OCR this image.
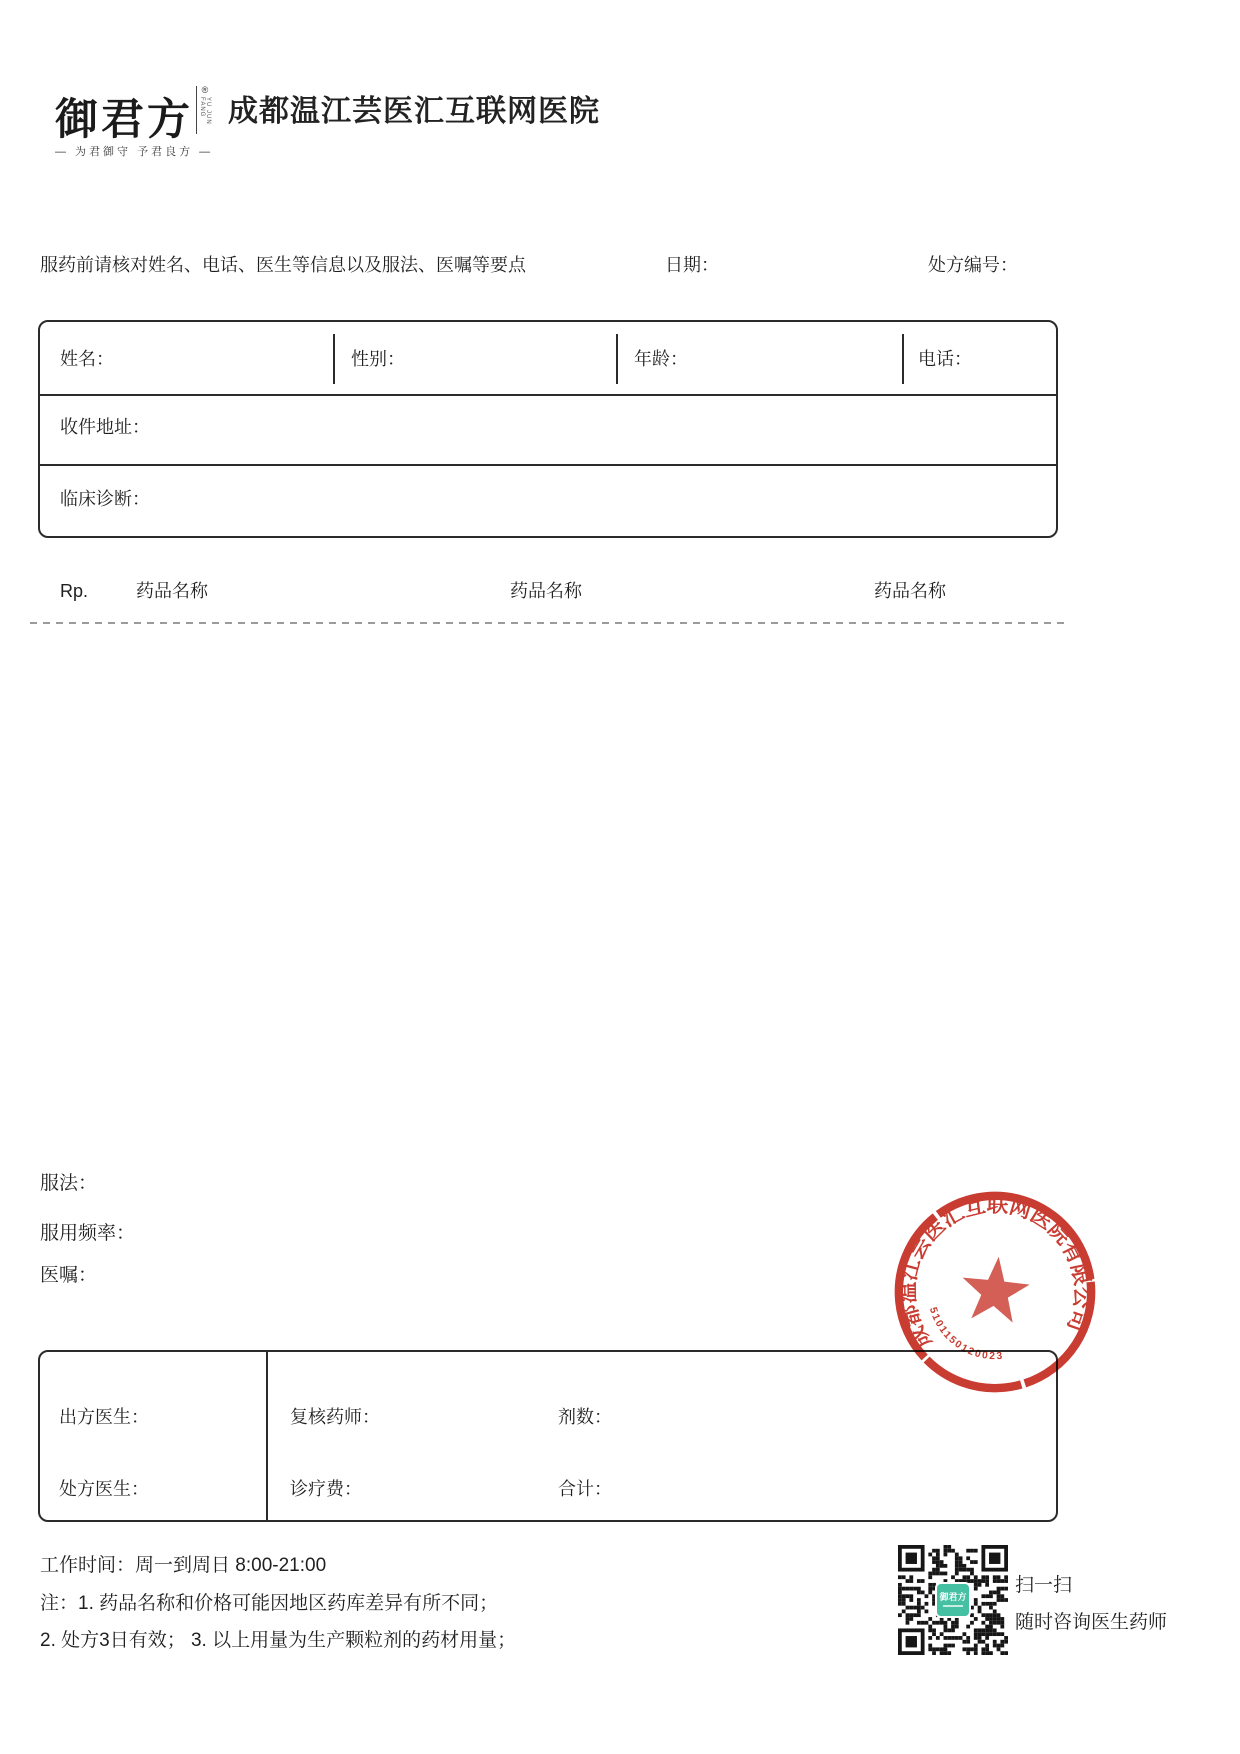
御君方
®
YU JUN FANG
— 为君御守 予君良方 —
成都温江芸医汇互联网医院
服药前请核对姓名、电话、医生等信息以及服法、医嘱等要点	日期：	处方编号：
姓名：	性别：	年龄：	电话：
收件地址：
临床诊断：
Rp.	药品名称	药品名称	药品名称
服法：
服用频率：
医嘱：
出方医生：	复核药师：	剂数：
处方医生：	诊疗费：	合计：
成都温江芸医汇互联网医院有限公司
5101150120023
工作时间：周一到周日 8:00-21:00
注：1. 药品名称和价格可能因地区药库差异有所不同；
2. 处方3日有效； 3. 以上用量为生产颗粒剂的药材用量；
御君方
扫一扫
随时咨询医生药师
